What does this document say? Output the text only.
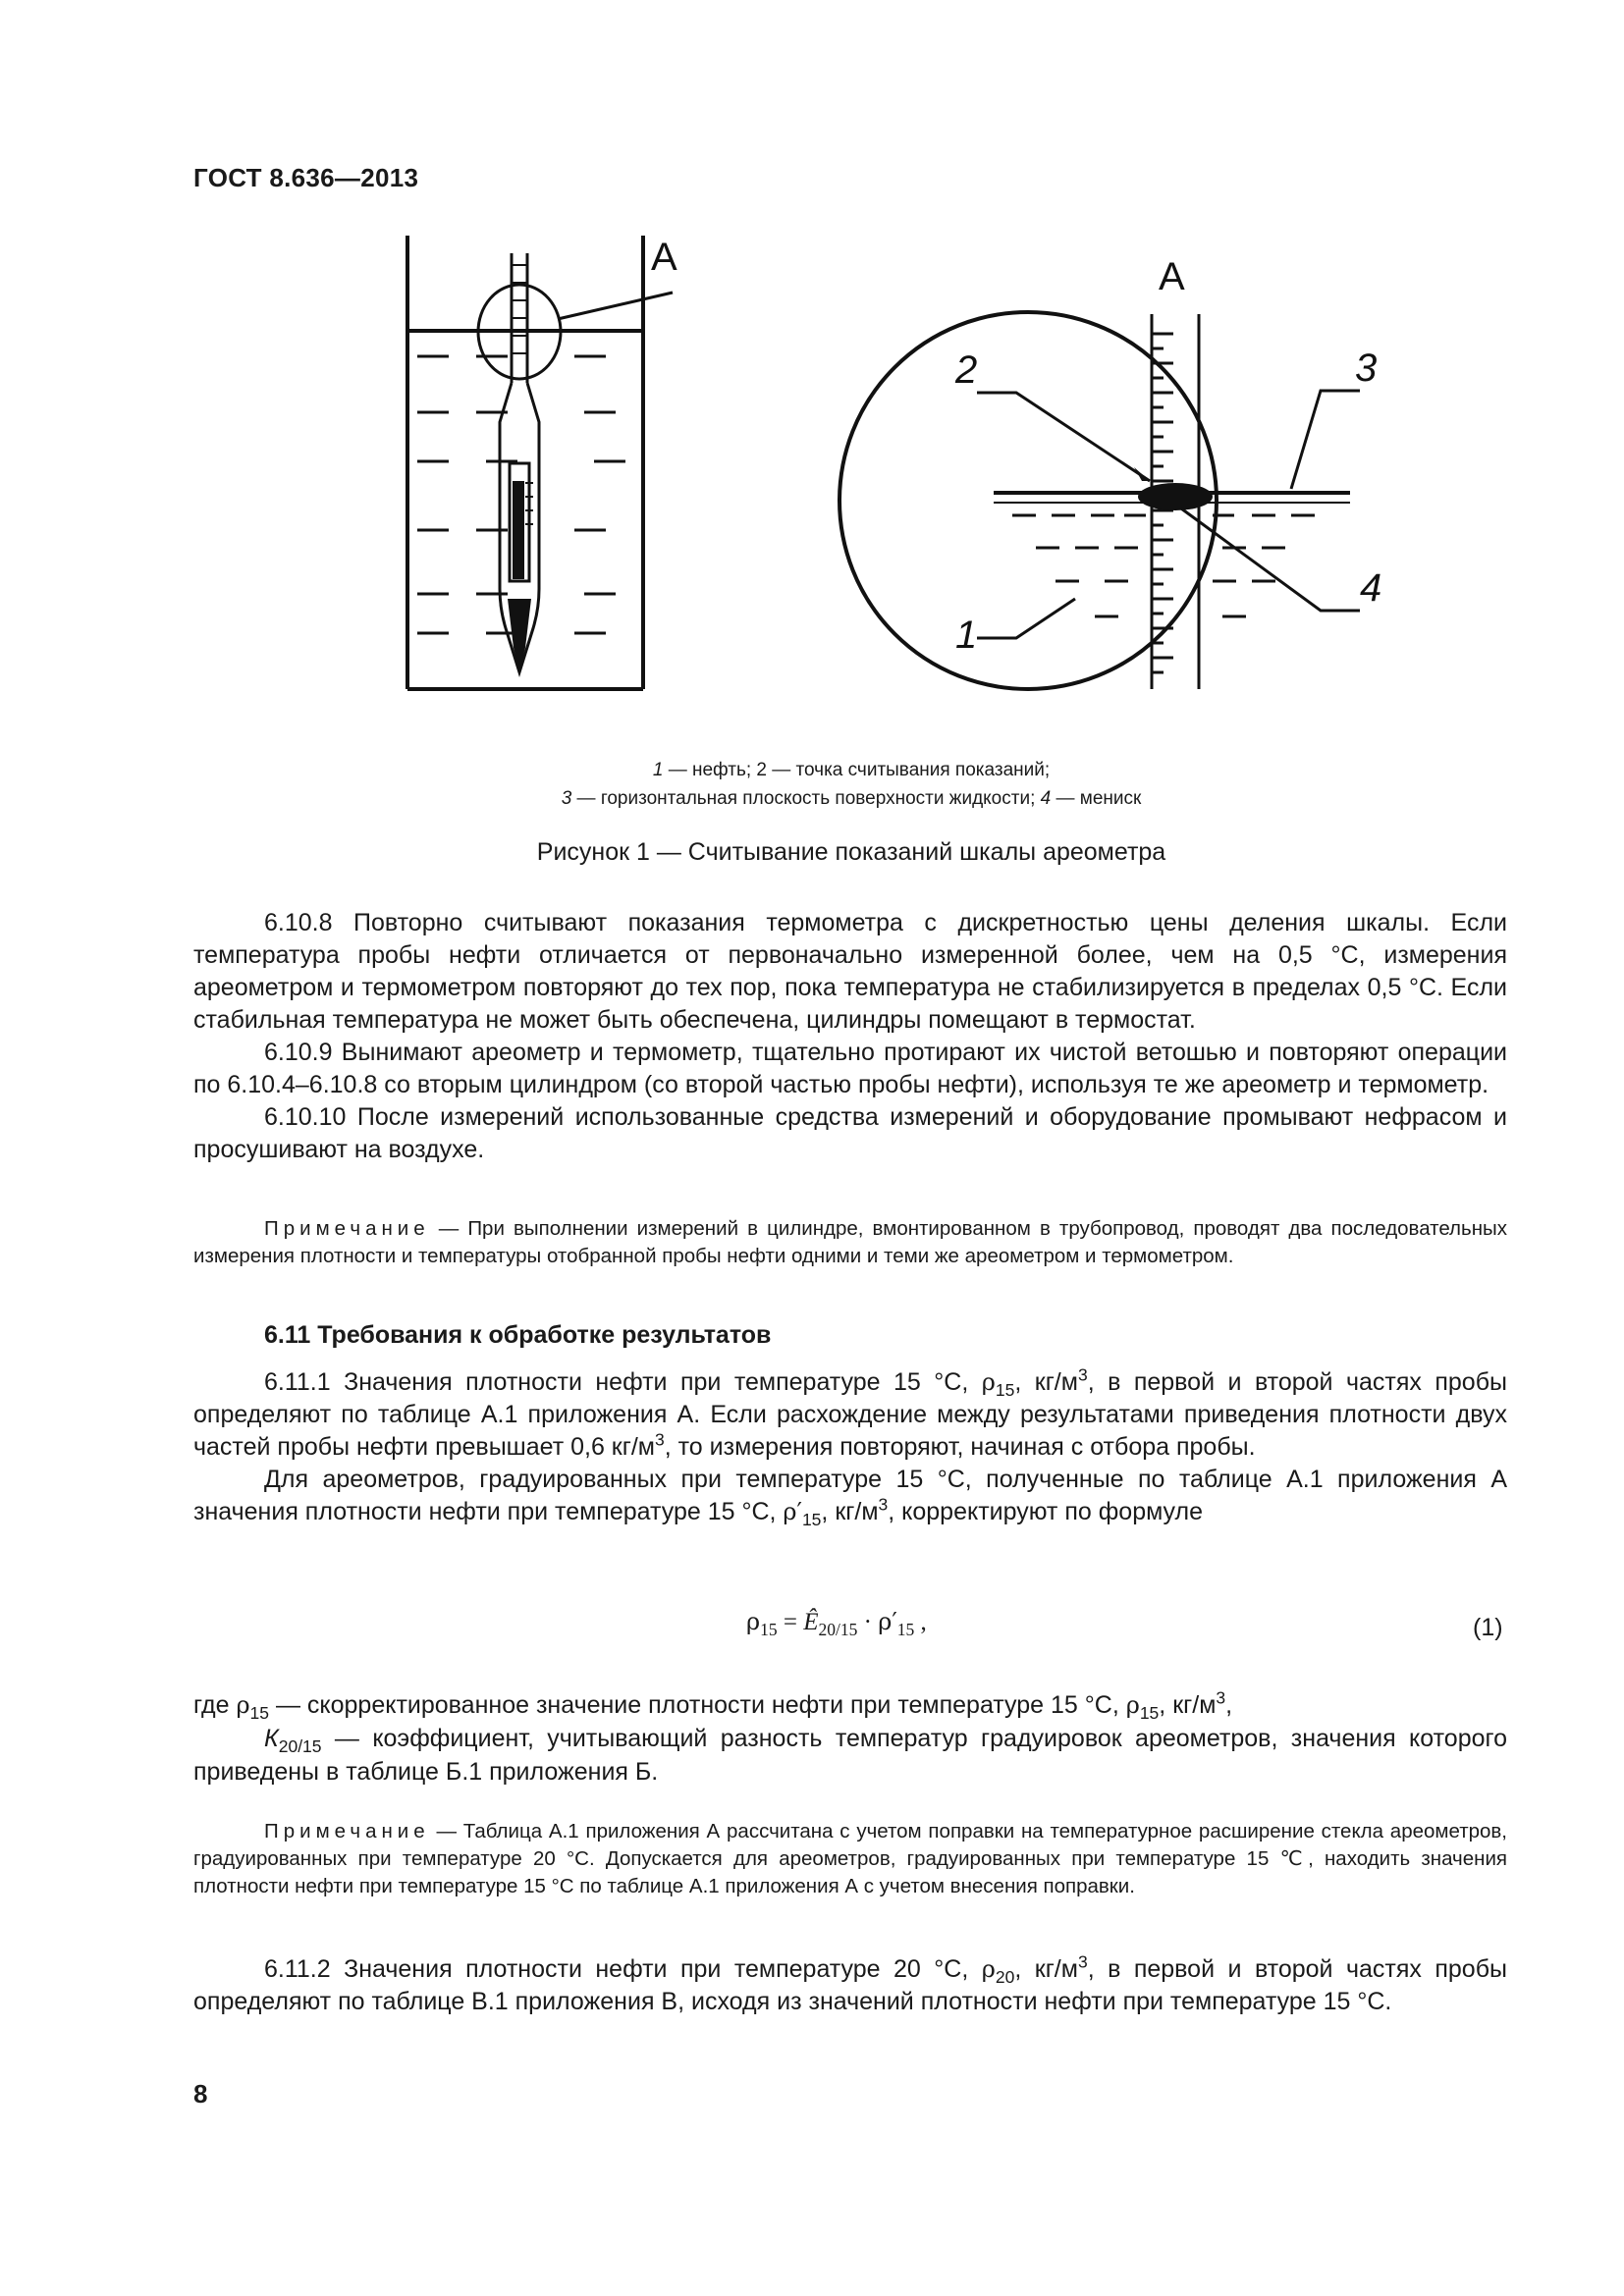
ГОСТ 8.636—2013
А	А
2	3
1
4
1 — нефть; 2 — точка считывания показаний;
3 — горизонтальная плоскость поверхности жидкости; 4 — мениск
Рисунок 1 — Считывание показаний шкалы ареометра

6.10.8 Повторно считывают показания термометра с дискретностью цены деления шкалы. Если температура пробы нефти отличается от первоначально измеренной более, чем на 0,5 °С, измерения ареометром и термометром повторяют до тех пор, пока температура не стабилизируется в пределах 0,5 °С. Если стабильная температура не может быть обеспечена, цилиндры помещают в термостат.

6.10.9 Вынимают ареометр и термометр, тщательно протирают их чистой ветошью и повторяют операции по 6.10.4–6.10.8 со вторым цилиндром (со второй частью пробы нефти), используя те же ареометр и термометр.

6.10.10 После измерений использованные средства измерений и оборудование промывают нефрасом и просушивают на воздухе.

Примечание — При выполнении измерений в цилиндре, вмонтированном в трубопровод, проводят два последовательных измерения плотности и температуры отобранной пробы нефти одними и теми же ареометром и термометром.

6.11 Требования к обработке результатов

6.11.1 Значения плотности нефти при температуре 15 °С, $\rho_{15}$, $кг/м^3$, в первой и второй частях пробы определяют по таблице А.1 приложения А. Если расхождение между результатами приведения плотности двух частей пробы нефти превышает 0,6 $кг/м^3$, то измерения повторяют, начиная с отбора пробы.

Для ареометров, градуированных при температуре 15 °С, полученные по таблице А.1 приложения А значения плотности нефти при температуре 15 °С, $\rho'_{15}$, $кг/м^3$, корректируют по формуле

$\rho_{15}$ = $Ê_{20/15} \cdot \rho'_{15}$ ,	(1)
где $\rho_{15}$ — скорректированное значение плотности нефти при температуре 15 °С, $\rho_{15}$, $кг/м^3$,
$К_{20/15}$ — коэффициент, учитывающий разность температур градуировок ареометров, значения которого приведены в таблице Б.1 приложения Б.

Примечание — Таблица А.1 приложения А рассчитана с учетом поправки на температурное расширение стекла ареометров, градуированных при температуре 20 °С. Допускается для ареометров, градуированных при температуре 15 ℃, находить значения плотности нефти при температуре 15 °С по таблице А.1 приложения А с учетом внесения поправки.

6.11.2 Значения плотности нефти при температуре 20 °С, $\rho_{20}$, $кг/м^3$, в первой и второй частях пробы определяют по таблице В.1 приложения В, исходя из значений плотности нефти при температуре 15 °С.

8
